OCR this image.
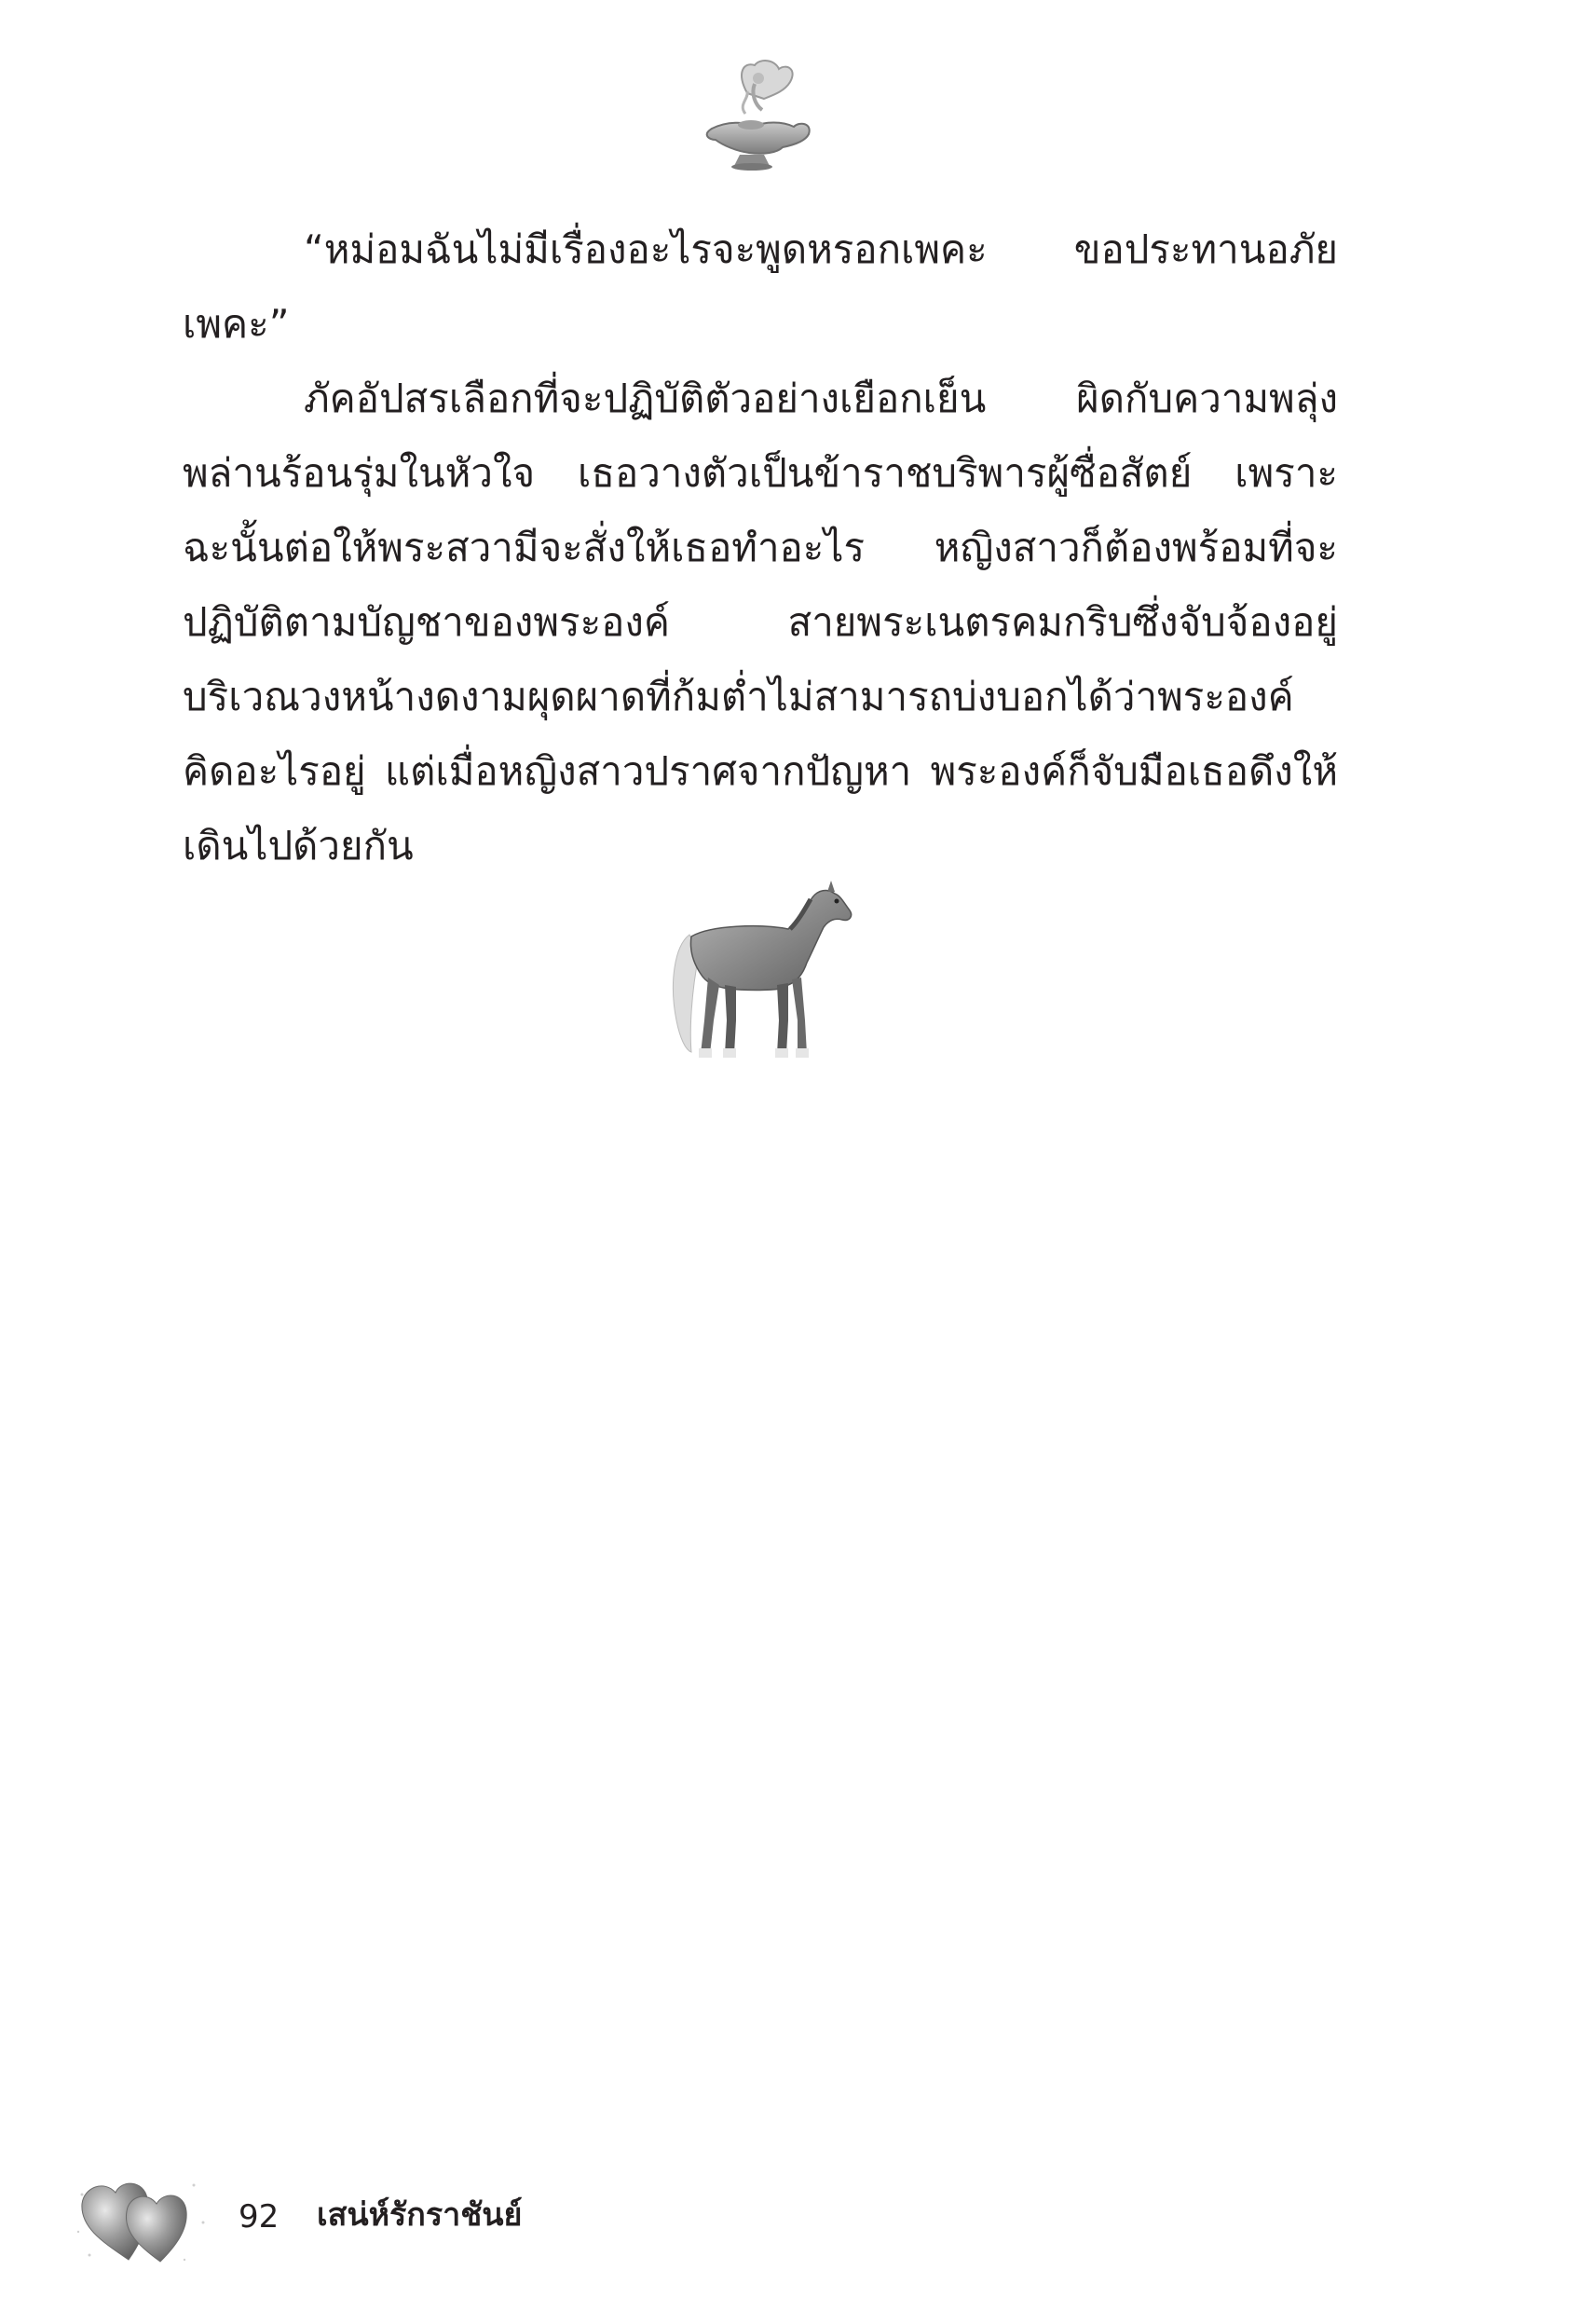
“หม่อมฉันไม่มีเรื่องอะไรจะพูดหรอกเพคะ ขอประทานอภัยเพคะ”

ภัคอัปสรเลือกที่จะปฏิบัติตัวอย่างเยือกเย็น ผิดกับความพลุ่งพล่านร้อนรุ่มในหัวใจ เธอวางตัวเป็นข้าราชบริพารผู้ซื่อสัตย์ เพราะฉะนั้นต่อให้พระสวามีจะสั่งให้เธอทำอะไร หญิงสาวก็ต้องพร้อมที่จะปฏิบัติตามบัญชาของพระองค์ สายพระเนตรคมกริบซึ่งจับจ้องอยู่บริเวณวงหน้างดงามผุดผาดที่ก้มต่ำไม่สามารถบ่งบอกได้ว่าพระองค์คิดอะไรอยู่ แต่เมื่อหญิงสาวปราศจากปัญหา พระองค์ก็จับมือเธอดึงให้เดินไปด้วยกัน

92 เสน่ห์รักราชันย์
